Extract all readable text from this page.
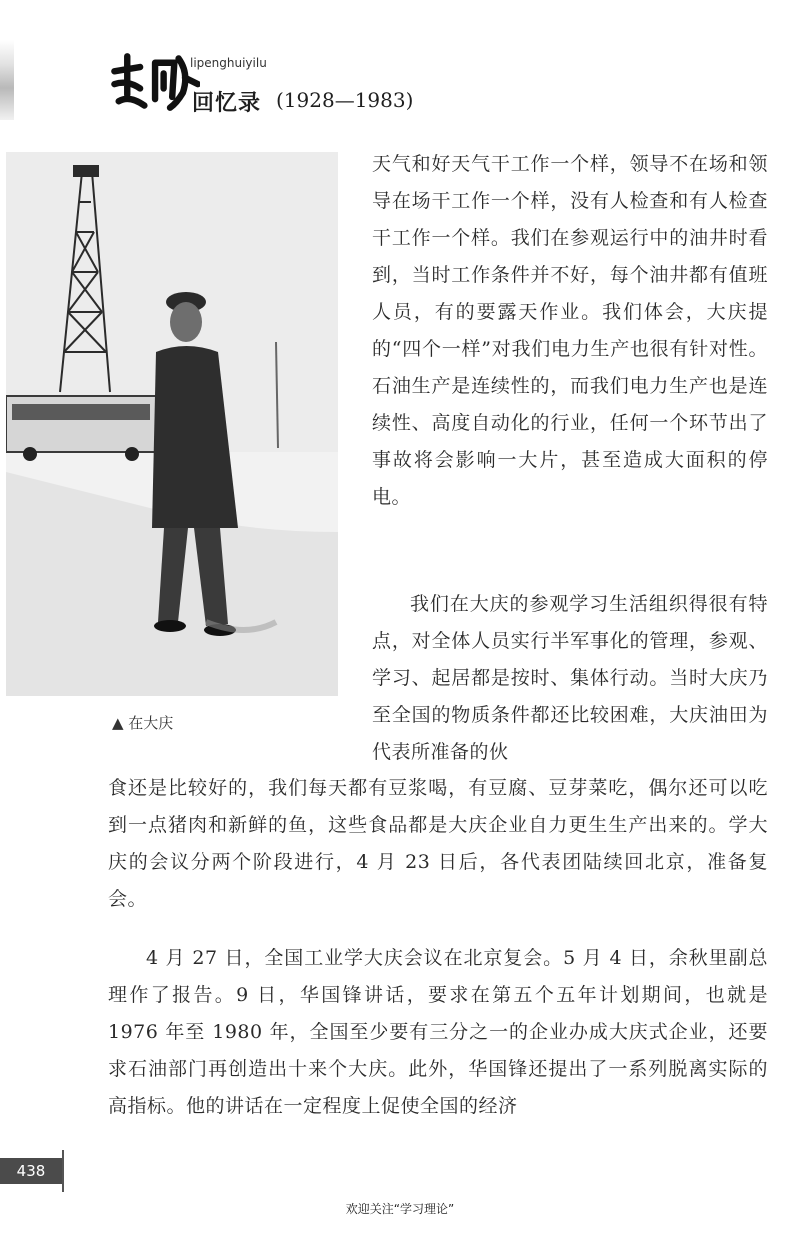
lipenghuiyilu
回忆录 (1928—1983)
▲ 在大庆

天气和好天气干工作一个样，领导不在场和领导在场干工作一个样，没有人检查和有人检查干工作一个样。我们在参观运行中的油井时看到，当时工作条件并不好，每个油井都有值班人员，有的要露天作业。我们体会，大庆提的“四个一样”对我们电力生产也很有针对性。石油生产是连续性的，而我们电力生产也是连续性、高度自动化的行业，任何一个环节出了事故将会影响一大片，甚至造成大面积的停电。

我们在大庆的参观学习生活组织得很有特点，对全体人员实行半军事化的管理，参观、学习、起居都是按时、集体行动。当时大庆乃至全国的物质条件都还比较困难，大庆油田为代表所准备的伙

食还是比较好的，我们每天都有豆浆喝，有豆腐、豆芽菜吃，偶尔还可以吃到一点猪肉和新鲜的鱼，这些食品都是大庆企业自力更生生产出来的。学大庆的会议分两个阶段进行，4 月 23 日后，各代表团陆续回北京，准备复会。

4 月 27 日，全国工业学大庆会议在北京复会。5 月 4 日，余秋里副总理作了报告。9 日，华国锋讲话，要求在第五个五年计划期间，也就是 1976 年至 1980 年，全国至少要有三分之一的企业办成大庆式企业，还要求石油部门再创造出十来个大庆。此外，华国锋还提出了一系列脱离实际的高指标。他的讲话在一定程度上促使全国的经济

438
欢迎关注“学习理论”
